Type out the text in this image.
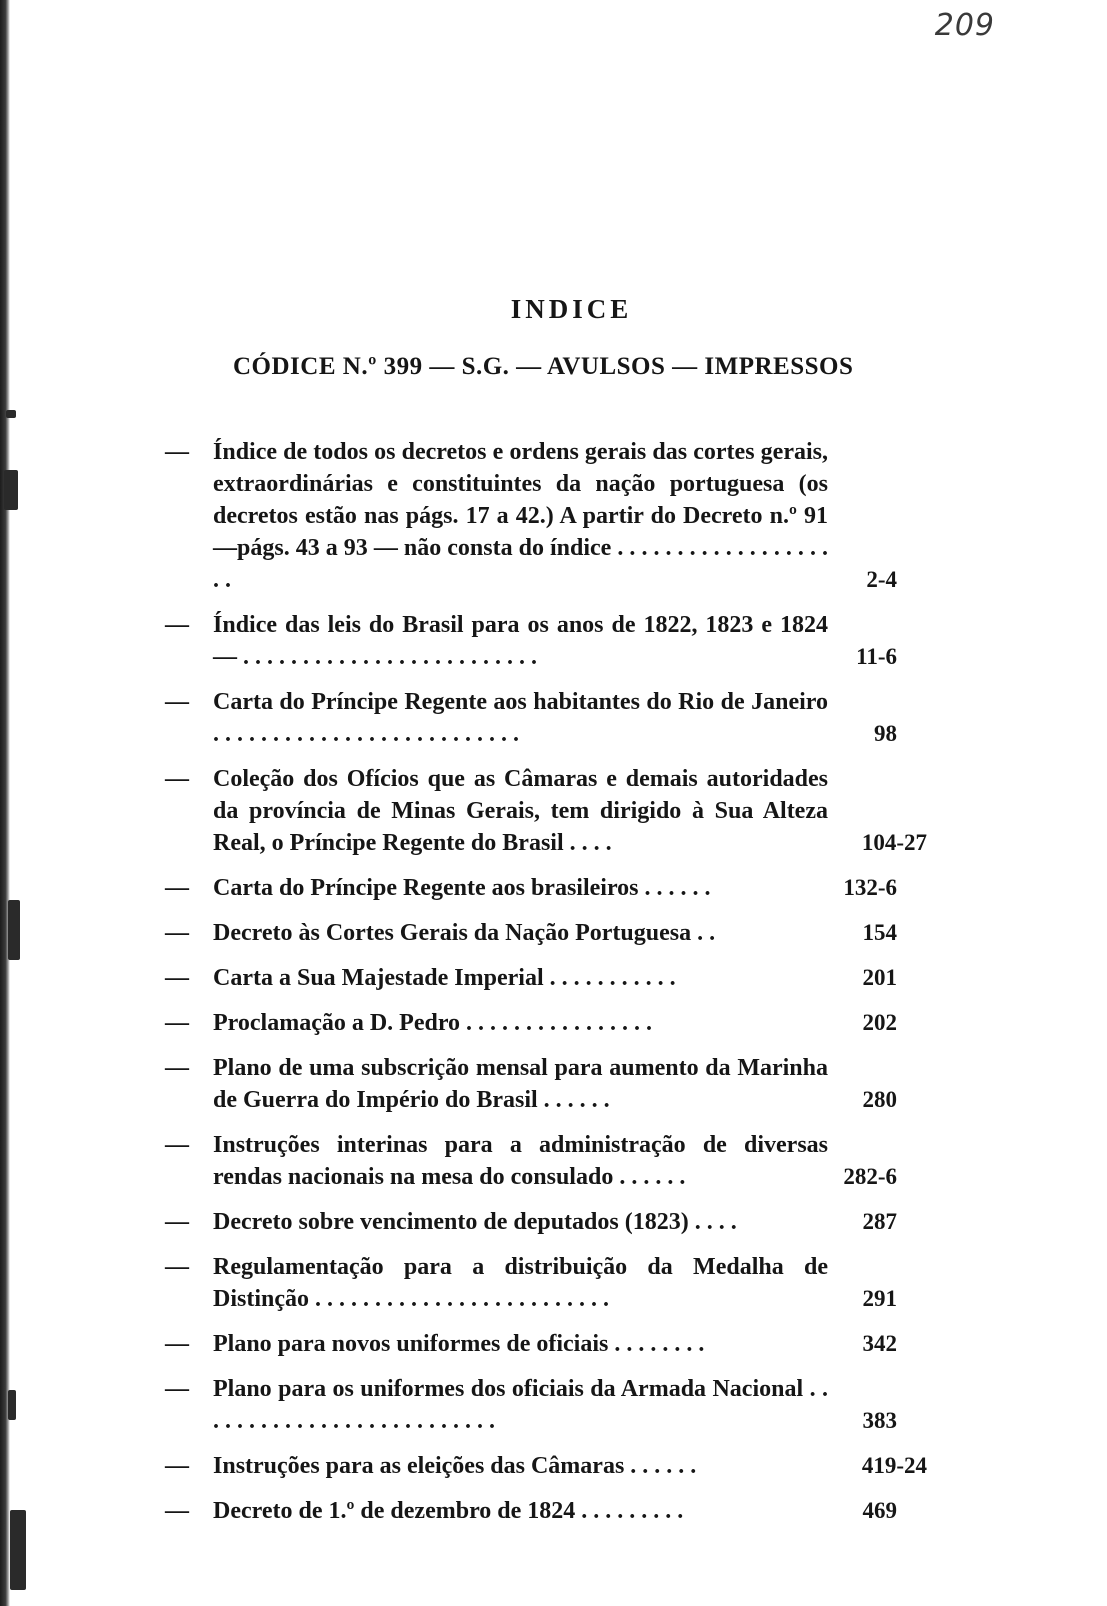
209
INDICE
CÓDICE N.º 399 — S.G. — AVULSOS — IMPRESSOS
—	Índice de todos os decretos e ordens gerais das cortes gerais, extraordinárias e constituintes da nação portuguesa (os decretos estão nas págs. 17 a 42.) A partir do Decreto n.º 91 —págs. 43 a 93 — não consta do índice . . . . . . . . . . . . . . . . . . . .	2-4
—	Índice das leis do Brasil para os anos de 1822, 1823 e 1824 — . . . . . . . . . . . . . . . . . . . . . . . . .	11-6
—	Carta do Príncipe Regente aos habitantes do Rio de Janeiro . . . . . . . . . . . . . . . . . . . . . . . . . .	98
—	Coleção dos Ofícios que as Câmaras e demais autoridades da província de Minas Gerais, tem dirigido à Sua Alteza Real, o Príncipe Regente do Brasil . . . .	104-27
—	Carta do Príncipe Regente aos brasileiros . . . . . .	132-6
—	Decreto às Cortes Gerais da Nação Portuguesa . .	154
—	Carta a Sua Majestade Imperial . . . . . . . . . . .	201
—	Proclamação a D. Pedro . . . . . . . . . . . . . . . .	202
—	Plano de uma subscrição mensal para aumento da Marinha de Guerra do Império do Brasil . . . . . .	280
—	Instruções interinas para a administração de diversas rendas nacionais na mesa do consulado . . . . . .	282-6
—	Decreto sobre vencimento de deputados (1823) . . . .	287
—	Regulamentação para a distribuição da Medalha de Distinção . . . . . . . . . . . . . . . . . . . . . . . . .	291
—	Plano para novos uniformes de oficiais . . . . . . . .	342
—	Plano para os uniformes dos oficiais da Armada Nacional . . . . . . . . . . . . . . . . . . . . . . . . . .	383
—	Instruções para as eleições das Câmaras . . . . . .	419-24
—	Decreto de 1.º de dezembro de 1824 . . . . . . . . .	469
